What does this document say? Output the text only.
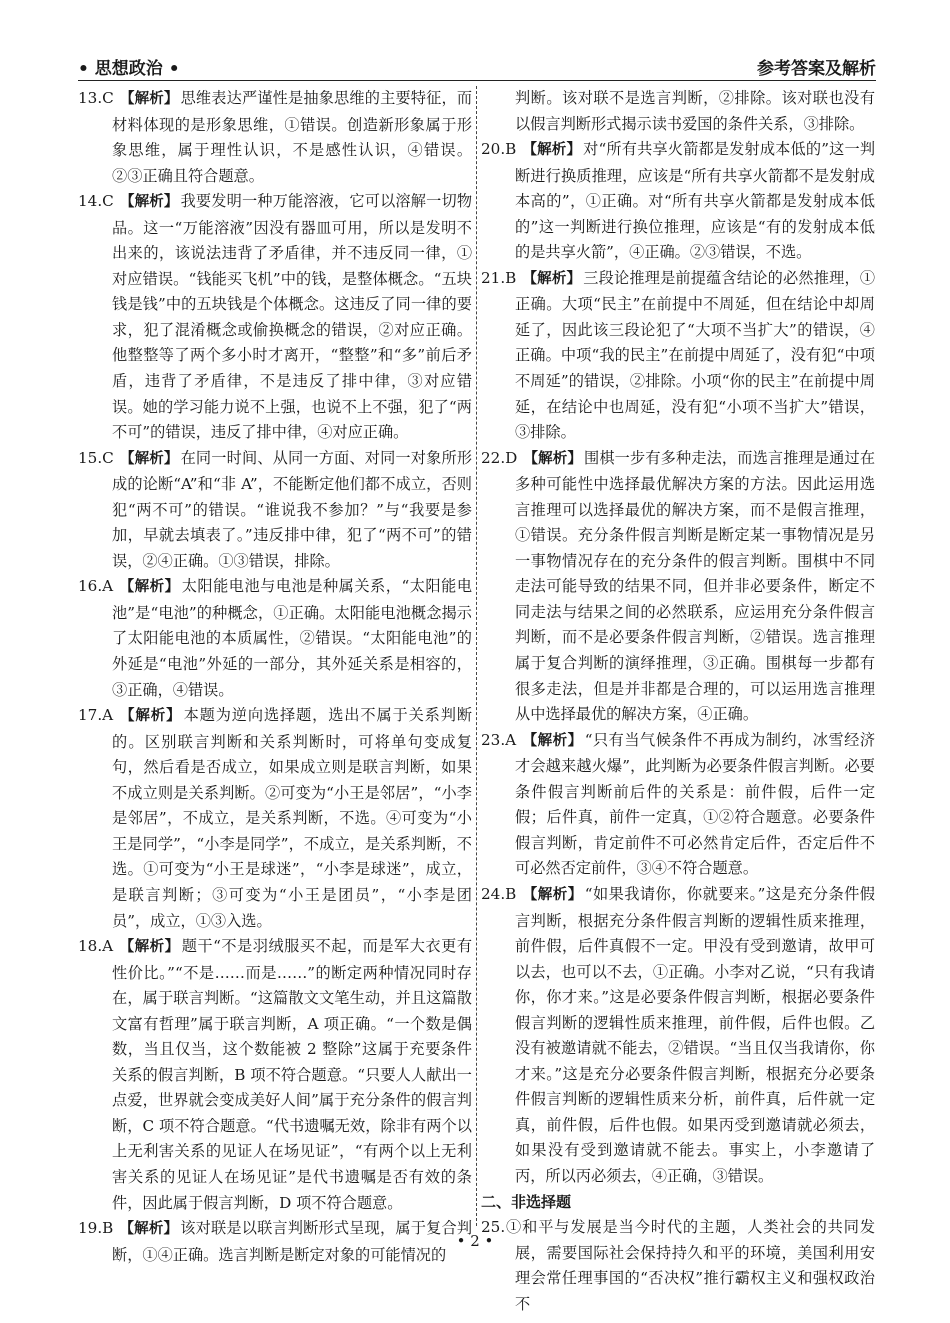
• 思想政治 •	参考答案及解析

13.C 【解析】 思维表达严谨性是抽象思维的主要特征，而材料体现的是形象思维，①错误。创造新形象属于形象思维，属于理性认识，不是感性认识，④错误。②③正确且符合题意。

14.C 【解析】 我要发明一种万能溶液，它可以溶解一切物品。这一“万能溶液”因没有器皿可用，所以是发明不出来的，该说法违背了矛盾律，并不违反同一律，①对应错误。“钱能买飞机”中的钱，是整体概念。“五块钱是钱”中的五块钱是个体概念。这违反了同一律的要求，犯了混淆概念或偷换概念的错误，②对应正确。他整整等了两个多小时才离开，“整整”和“多”前后矛盾，违背了矛盾律，不是违反了排中律，③对应错误。她的学习能力说不上强，也说不上不强，犯了“两不可”的错误，违反了排中律，④对应正确。

15.C 【解析】 在同一时间、从同一方面、对同一对象所形成的论断“A”和“非 A”，不能断定他们都不成立，否则犯“两不可”的错误。“谁说我不参加？”与“我要是参加，早就去填表了。”违反排中律，犯了“两不可”的错误，②④正确。①③错误，排除。

16.A 【解析】 太阳能电池与电池是种属关系，“太阳能电池”是“电池”的种概念，①正确。太阳能电池概念揭示了太阳能电池的本质属性，②错误。“太阳能电池”的外延是“电池”外延的一部分，其外延关系是相容的，③正确，④错误。

17.A 【解析】 本题为逆向选择题，选出不属于关系判断的。区别联言判断和关系判断时，可将单句变成复句，然后看是否成立，如果成立则是联言判断，如果不成立则是关系判断。②可变为“小王是邻居”，“小李是邻居”，不成立，是关系判断，不选。④可变为“小王是同学”，“小李是同学”，不成立，是关系判断，不选。①可变为“小王是球迷”，“小李是球迷”，成立，是联言判断；③可变为“小王是团员”，“小李是团员”，成立，①③入选。

18.A 【解析】 题干“不是羽绒服买不起，而是军大衣更有性价比。”“不是……而是……”的断定两种情况同时存在，属于联言判断。“这篇散文文笔生动，并且这篇散文富有哲理”属于联言判断，A 项正确。“一个数是偶数，当且仅当，这个数能被 2 整除”这属于充要条件关系的假言判断，B 项不符合题意。“只要人人献出一点爱，世界就会变成美好人间”属于充分条件的假言判断，C 项不符合题意。“代书遗嘱无效，除非有两个以上无利害关系的见证人在场见证”，“有两个以上无利害关系的见证人在场见证”是代书遗嘱是否有效的条件，因此属于假言判断，D 项不符合题意。

19.B 【解析】 该对联是以联言判断形式呈现，属于复合判断，①④正确。选言判断是断定对象的可能情况的

判断。该对联不是选言判断，②排除。该对联也没有以假言判断形式揭示读书爱国的条件关系，③排除。

20.B 【解析】 对“所有共享火箭都是发射成本低的”这一判断进行换质推理，应该是“所有共享火箭都不是发射成本高的”，①正确。对“所有共享火箭都是发射成本低的”这一判断进行换位推理，应该是“有的发射成本低的是共享火箭”，④正确。②③错误，不选。

21.B 【解析】 三段论推理是前提蕴含结论的必然推理，①正确。大项“民主”在前提中不周延，但在结论中却周延了，因此该三段论犯了“大项不当扩大”的错误，④正确。中项“我的民主”在前提中周延了，没有犯“中项不周延”的错误，②排除。小项“你的民主”在前提中周延，在结论中也周延，没有犯“小项不当扩大”错误，③排除。

22.D 【解析】 围棋一步有多种走法，而选言推理是通过在多种可能性中选择最优解决方案的方法。因此运用选言推理可以选择最优的解决方案，而不是假言推理，①错误。充分条件假言判断是断定某一事物情况是另一事物情况存在的充分条件的假言判断。围棋中不同走法可能导致的结果不同，但并非必要条件，断定不同走法与结果之间的必然联系，应运用充分条件假言判断，而不是必要条件假言判断，②错误。选言推理属于复合判断的演绎推理，③正确。围棋每一步都有很多走法，但是并非都是合理的，可以运用选言推理从中选择最优的解决方案，④正确。

23.A 【解析】 “只有当气候条件不再成为制约，冰雪经济才会越来越火爆”，此判断为必要条件假言判断。必要条件假言判断前后件的关系是：前件假，后件一定假；后件真，前件一定真，①②符合题意。必要条件假言判断，肯定前件不可必然肯定后件，否定后件不可必然否定前件，③④不符合题意。

24.B 【解析】 “如果我请你，你就要来。”这是充分条件假言判断，根据充分条件假言判断的逻辑性质来推理，前件假，后件真假不一定。甲没有受到邀请，故甲可以去，也可以不去，①正确。小李对乙说，“只有我请你，你才来。”这是必要条件假言判断，根据必要条件假言判断的逻辑性质来推理，前件假，后件也假。乙没有被邀请就不能去，②错误。“当且仅当我请你，你才来。”这是充分必要条件假言判断，根据充分必要条件假言判断的逻辑性质来分析，前件真，后件就一定真，前件假，后件也假。如果丙受到邀请就必须去，如果没有受到邀请就不能去。事实上，小李邀请了丙，所以丙必须去，④正确，③错误。

二、非选择题

25.①和平与发展是当今时代的主题，人类社会的共同发展，需要国际社会保持持久和平的环境，美国利用安理会常任理事国的“否决权”推行霸权主义和强权政治不

• 2 •
